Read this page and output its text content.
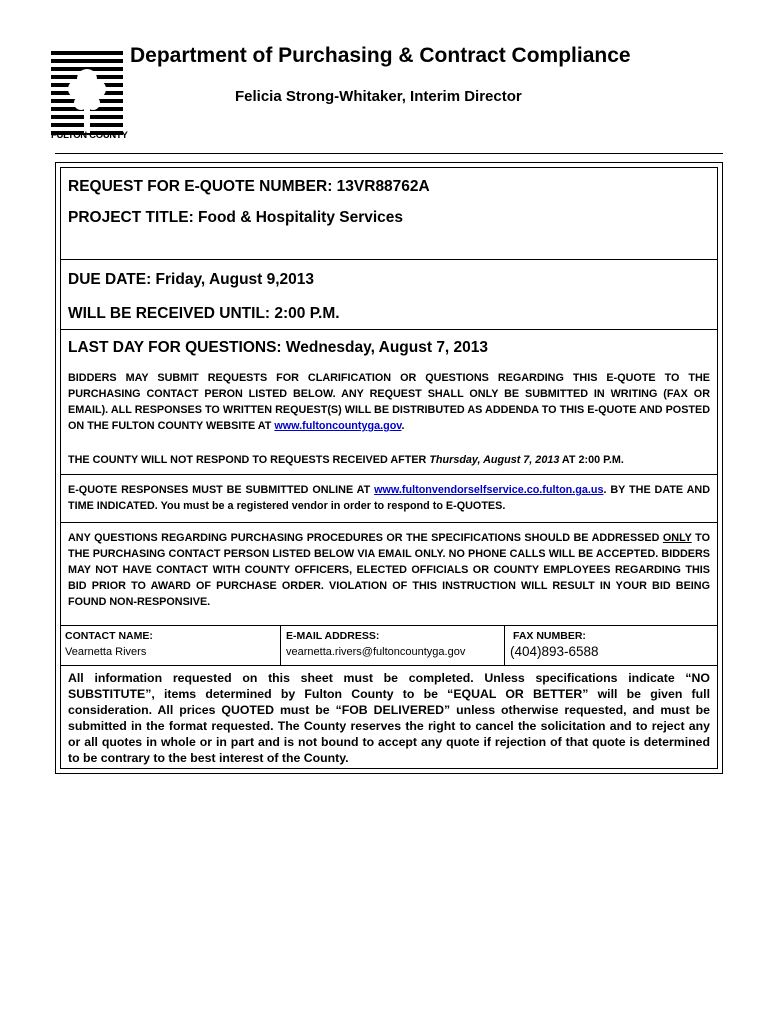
FULTON COUNTY
Department of Purchasing & Contract Compliance
Felicia Strong-Whitaker, Interim Director
REQUEST FOR E-QUOTE NUMBER: 13VR88762A
PROJECT TITLE: Food & Hospitality Services
DUE DATE: Friday, August 9,2013
WILL BE RECEIVED UNTIL: 2:00 P.M.
LAST DAY FOR QUESTIONS: Wednesday, August 7, 2013
BIDDERS MAY SUBMIT REQUESTS FOR CLARIFICATION OR QUESTIONS REGARDING THIS E-QUOTE TO THE PURCHASING CONTACT PERON LISTED BELOW. ANY REQUEST SHALL ONLY BE SUBMITTED IN WRITING (FAX OR EMAIL). ALL RESPONSES TO WRITTEN REQUEST(S) WILL BE DISTRIBUTED AS ADDENDA TO THIS E-QUOTE AND POSTED ON THE FULTON COUNTY WEBSITE AT www.fultoncountyga.gov.
THE COUNTY WILL NOT RESPOND TO REQUESTS RECEIVED AFTER Thursday, August 7, 2013 AT 2:00 P.M.
E-QUOTE RESPONSES MUST BE SUBMITTED ONLINE AT www.fultonvendorselfservice.co.fulton.ga.us. BY THE DATE AND TIME INDICATED. You must be a registered vendor in order to respond to E-QUOTES.
ANY QUESTIONS REGARDING PURCHASING PROCEDURES OR THE SPECIFICATIONS SHOULD BE ADDRESSED ONLY TO THE PURCHASING CONTACT PERSON LISTED BELOW VIA EMAIL ONLY. NO PHONE CALLS WILL BE ACCEPTED. BIDDERS MAY NOT HAVE CONTACT WITH COUNTY OFFICERS, ELECTED OFFICIALS OR COUNTY EMPLOYEES REGARDING THIS BID PRIOR TO AWARD OF PURCHASE ORDER. VIOLATION OF THIS INSTRUCTION WILL RESULT IN YOUR BID BEING FOUND NON-RESPONSIVE.
CONTACT NAME:
Vearnetta Rivers
E-MAIL ADDRESS:
vearnetta.rivers@fultoncountyga.gov
FAX NUMBER:
(404)893-6588
All information requested on this sheet must be completed. Unless specifications indicate “NO SUBSTITUTE”, items determined by Fulton County to be “EQUAL OR BETTER” will be given full consideration. All prices QUOTED must be “FOB DELIVERED” unless otherwise requested, and must be submitted in the format requested. The County reserves the right to cancel the solicitation and to reject any or all quotes in whole or in part and is not bound to accept any quote if rejection of that quote is determined to be contrary to the best interest of the County.
